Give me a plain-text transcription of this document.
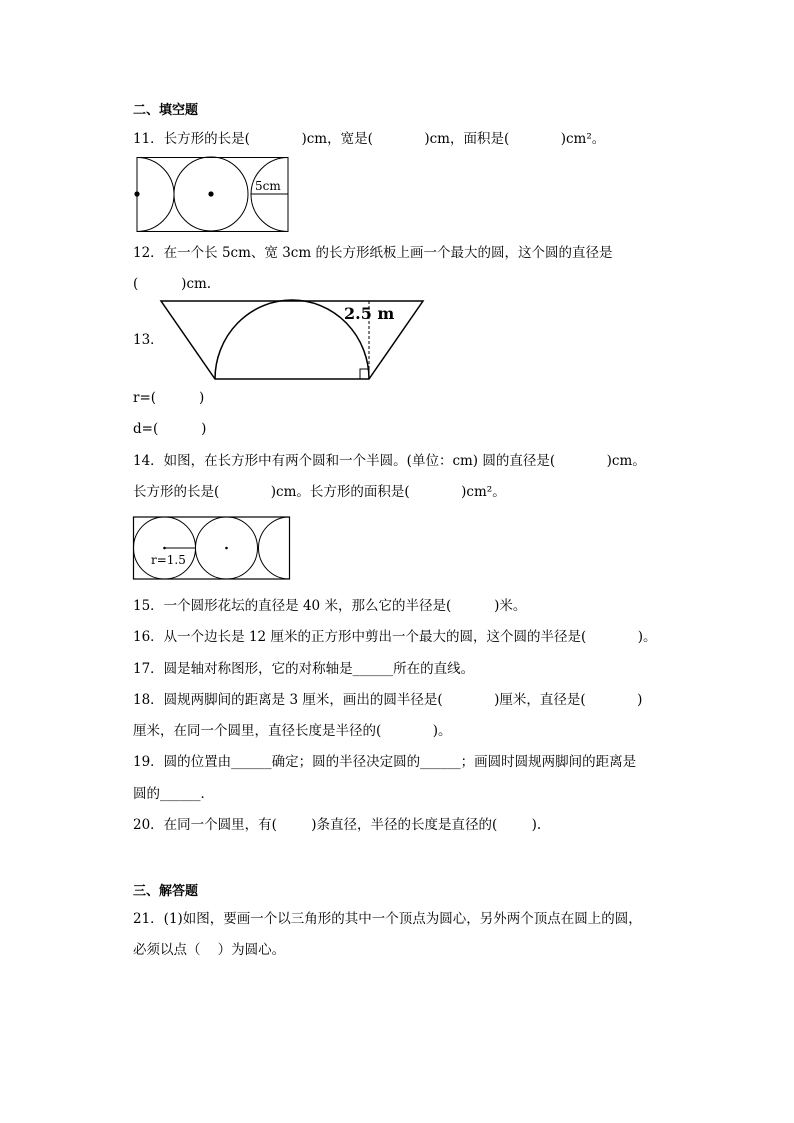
二、填空题
11．长方形的长是(            )cm，宽是(            )cm，面积是(            )cm²。
5cm
12．在一个长 5cm、宽 3cm 的长方形纸板上画一个最大的圆，这个圆的直径是
(          )cm.
13．
2.5 m
r=(          )
d=(          )
14．如图，在长方形中有两个圆和一个半圆。(单位：cm) 圆的直径是(            )cm。
长方形的长是(            )cm。长方形的面积是(            )cm²。
r=1.5
15．一个圆形花坛的直径是 40 米，那么它的半径是(          )米。
16．从一个边长是 12 厘米的正方形中剪出一个最大的圆，这个圆的半径是(            )。
17．圆是轴对称图形，它的对称轴是______所在的直线。
18．圆规两脚间的距离是 3 厘米，画出的圆半径是(            )厘米，直径是(            )
厘米，在同一个圆里，直径长度是半径的(            )。
19．圆的位置由______确定；圆的半径决定圆的______；画圆时圆规两脚间的距离是
圆的______．
20．在同一个圆里，有(        )条直径，半径的长度是直径的(        ).
三、解答题
21．(1)如图，要画一个以三角形的其中一个顶点为圆心，另外两个顶点在圆上的圆，
必须以点（    ）为圆心。
